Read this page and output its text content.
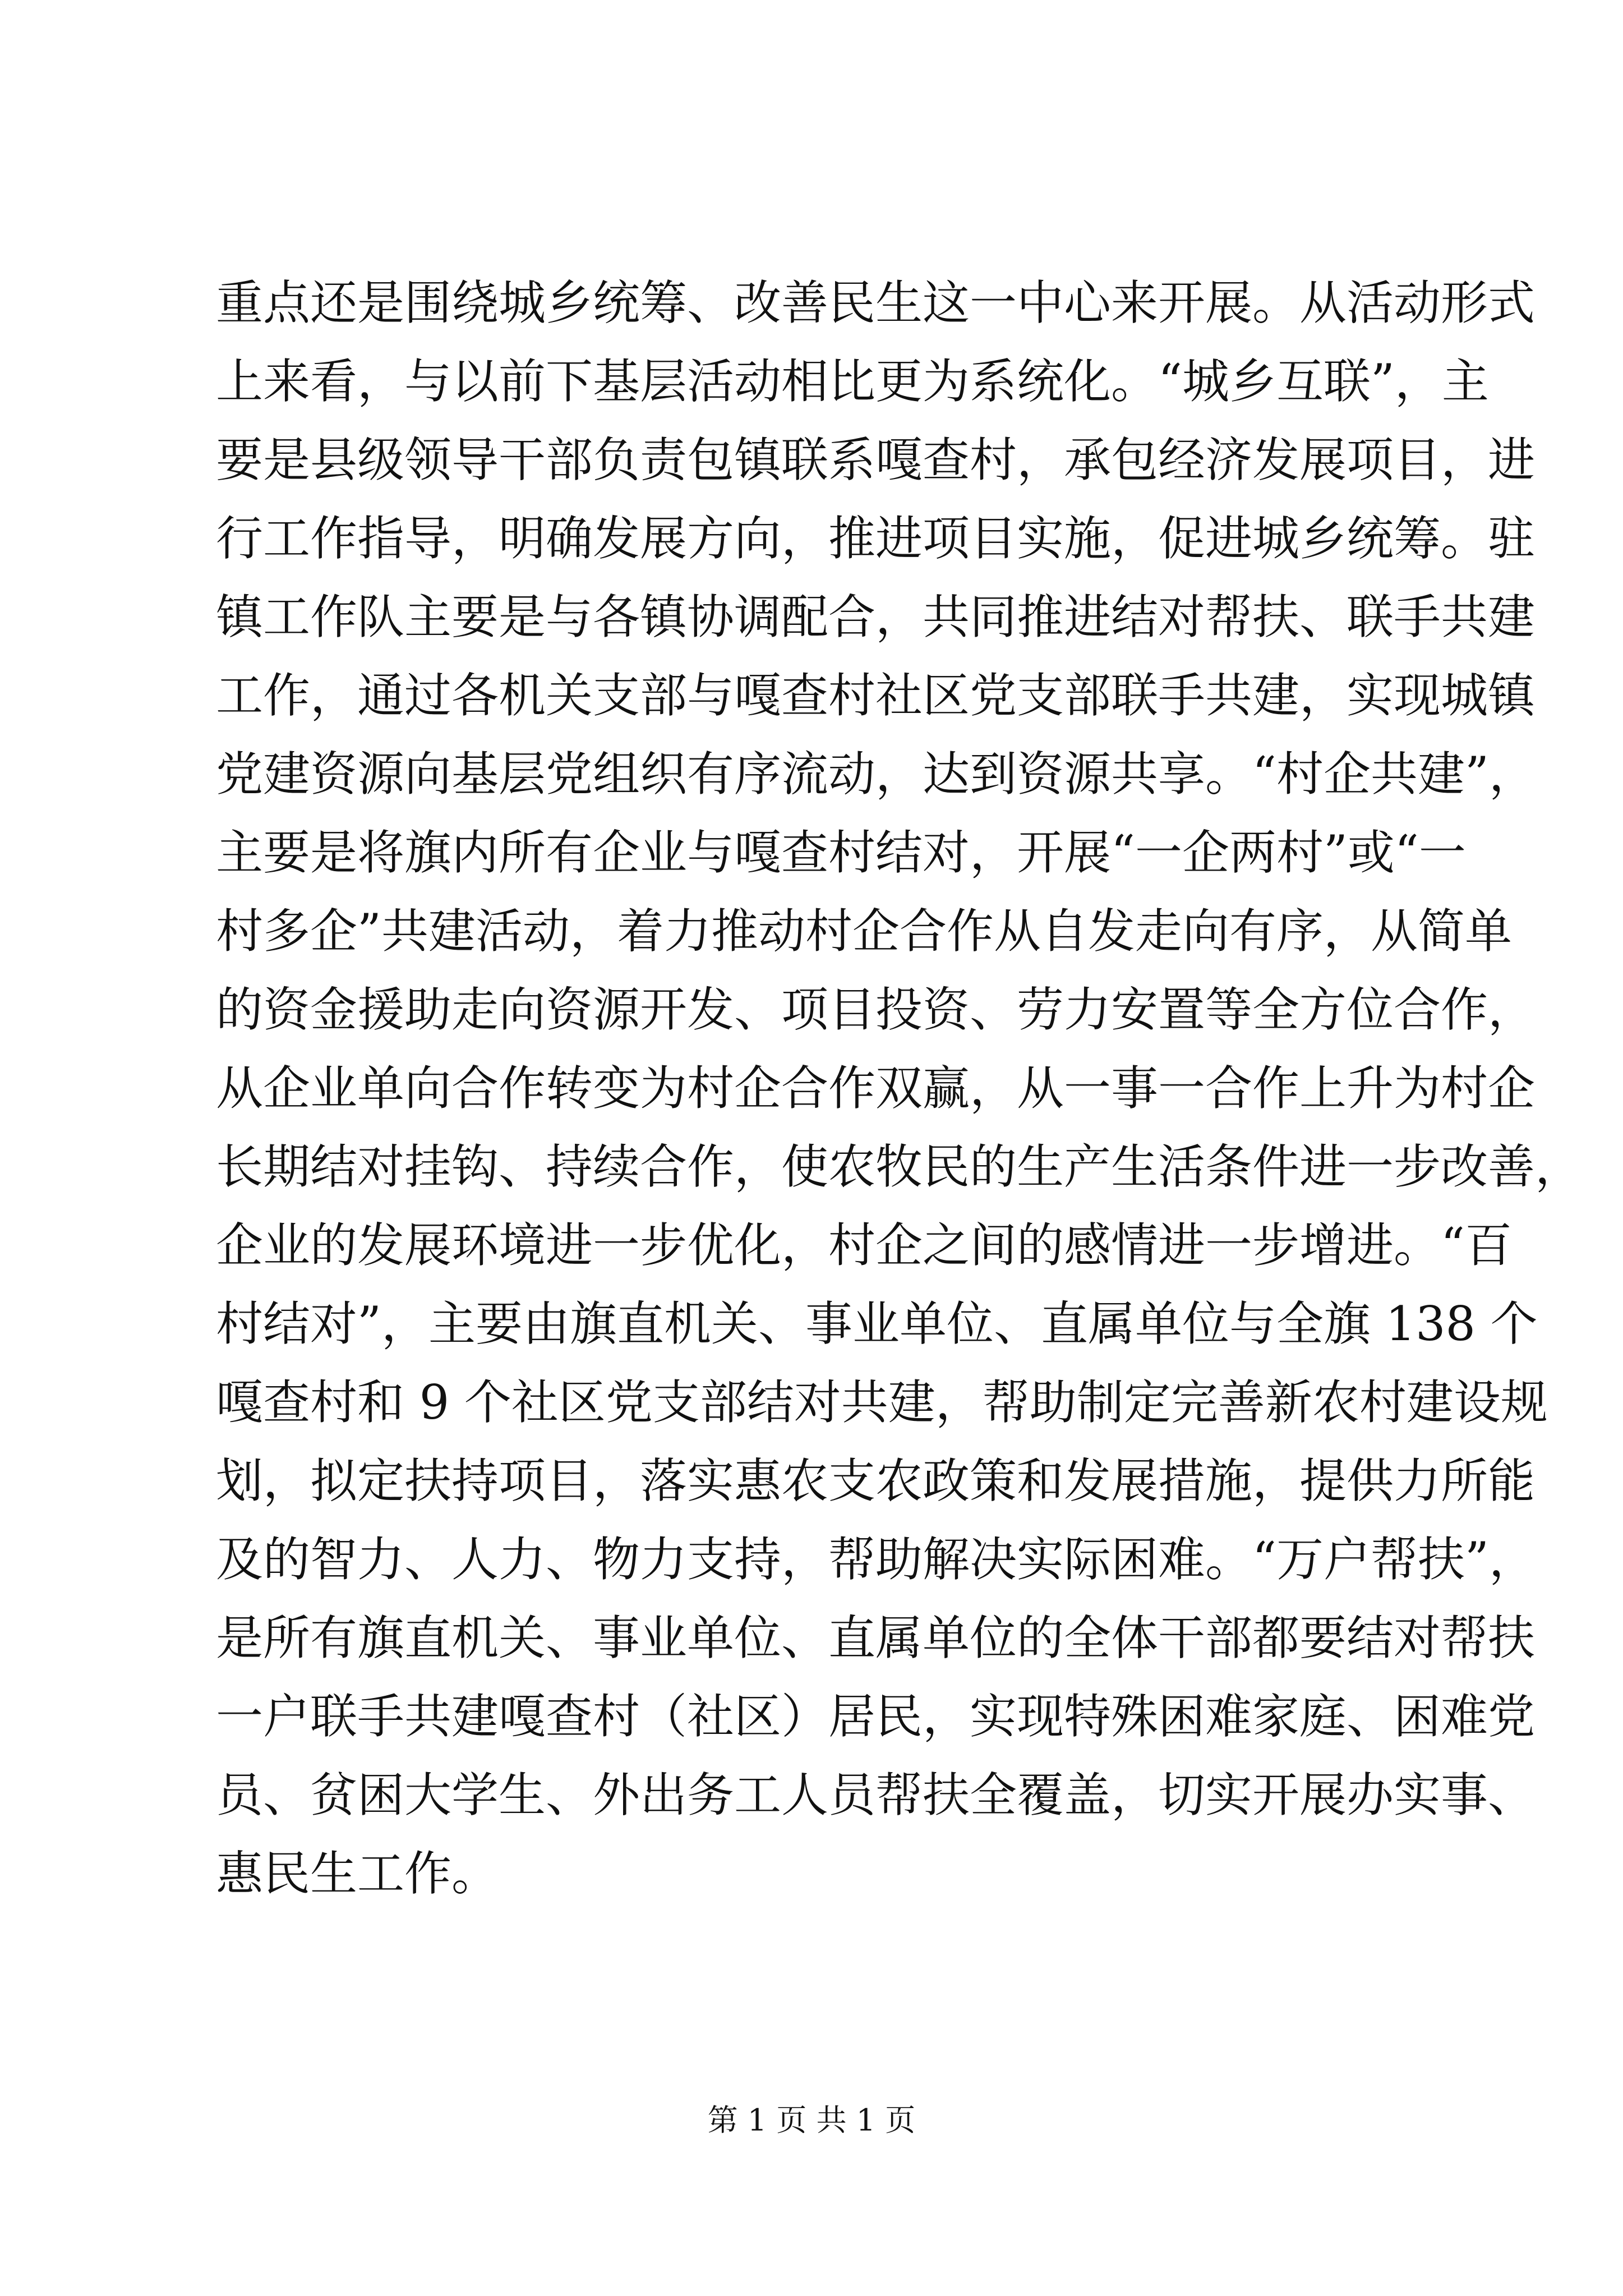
重点还是围绕城乡统筹、改善民生这一中心来开展。从活动形式
上来看，与以前下基层活动相比更为系统化。“城乡互联”，主
要是县级领导干部负责包镇联系嘎查村，承包经济发展项目，进
行工作指导，明确发展方向，推进项目实施，促进城乡统筹。驻
镇工作队主要是与各镇协调配合，共同推进结对帮扶、联手共建
工作，通过各机关支部与嘎查村社区党支部联手共建，实现城镇
党建资源向基层党组织有序流动，达到资源共享。“村企共建”，
主要是将旗内所有企业与嘎查村结对，开展“一企两村”或“一
村多企”共建活动，着力推动村企合作从自发走向有序，从简单
的资金援助走向资源开发、项目投资、劳力安置等全方位合作，
从企业单向合作转变为村企合作双赢，从一事一合作上升为村企
长期结对挂钩、持续合作，使农牧民的生产生活条件进一步改善，
企业的发展环境进一步优化，村企之间的感情进一步增进。“百
村结对”，主要由旗直机关、事业单位、直属单位与全旗 138 个
嘎查村和 9 个社区党支部结对共建，帮助制定完善新农村建设规
划，拟定扶持项目，落实惠农支农政策和发展措施，提供力所能
及的智力、人力、物力支持，帮助解决实际困难。“万户帮扶”，
是所有旗直机关、事业单位、直属单位的全体干部都要结对帮扶
一户联手共建嘎查村（社区）居民，实现特殊困难家庭、困难党
员、贫困大学生、外出务工人员帮扶全覆盖，切实开展办实事、
惠民生工作。
第 1 页 共 1 页
